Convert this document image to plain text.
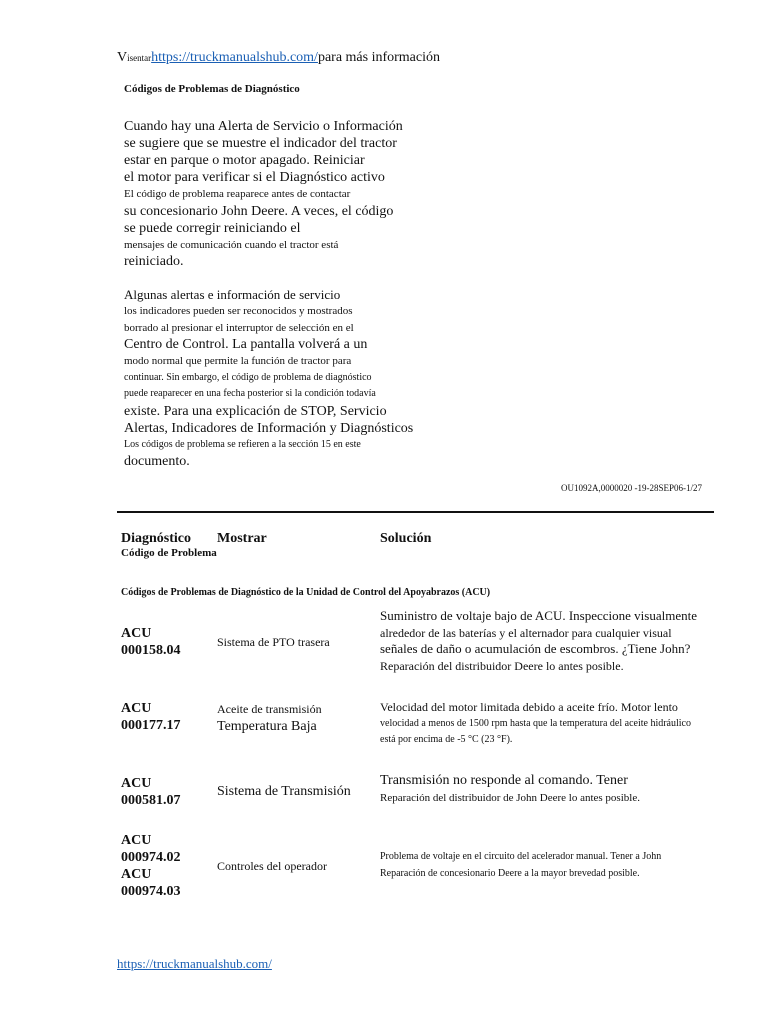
Visentarhttps://truckmanualshub.com/para más información
Códigos de Problemas de Diagnóstico
Cuando hay una Alerta de Servicio o Información
se sugiere que se muestre el indicador del tractor
estar en parque o motor apagado. Reiniciar
el motor para verificar si el Diagnóstico activo
El código de problema reaparece antes de contactar
su concesionario John Deere. A veces, el código
se puede corregir reiniciando el
mensajes de comunicación cuando el tractor está
reiniciado.
Algunas alertas e información de servicio
los indicadores pueden ser reconocidos y mostrados
borrado al presionar el interruptor de selección en el
Centro de Control. La pantalla volverá a un
modo normal que permite la función de tractor para
continuar. Sin embargo, el código de problema de diagnóstico
puede reaparecer en una fecha posterior si la condición todavía
existe. Para una explicación de STOP, Servicio
Alertas, Indicadores de Información y Diagnósticos
Los códigos de problema se refieren a la sección 15 en este
documento.
OU1092A,0000020 -19-28SEP06-1/27
Diagnóstico
Código de Problema
Mostrar	Solución
Códigos de Problemas de Diagnóstico de la Unidad de Control del Apoyabrazos (ACU)
ACU
000158.04
Sistema de PTO trasera
Suministro de voltaje bajo de ACU. Inspeccione visualmente
alrededor de las baterías y el alternador para cualquier visual
señales de daño o acumulación de escombros. ¿Tiene John?
Reparación del distribuidor Deere lo antes posible.
ACU
000177.17
Aceite de transmisión
Temperatura Baja
Velocidad del motor limitada debido a aceite frío. Motor lento
velocidad a menos de 1500 rpm hasta que la temperatura del aceite hidráulico
está por encima de -5 °C (23 °F).
ACU
000581.07
Sistema de Transmisión
Transmisión no responde al comando. Tener
Reparación del distribuidor de John Deere lo antes posible.
ACU
000974.02
ACU
000974.03
Controles del operador
Problema de voltaje en el circuito del acelerador manual. Tener a John
Reparación de concesionario Deere a la mayor brevedad posible.
https://truckmanualshub.com/
